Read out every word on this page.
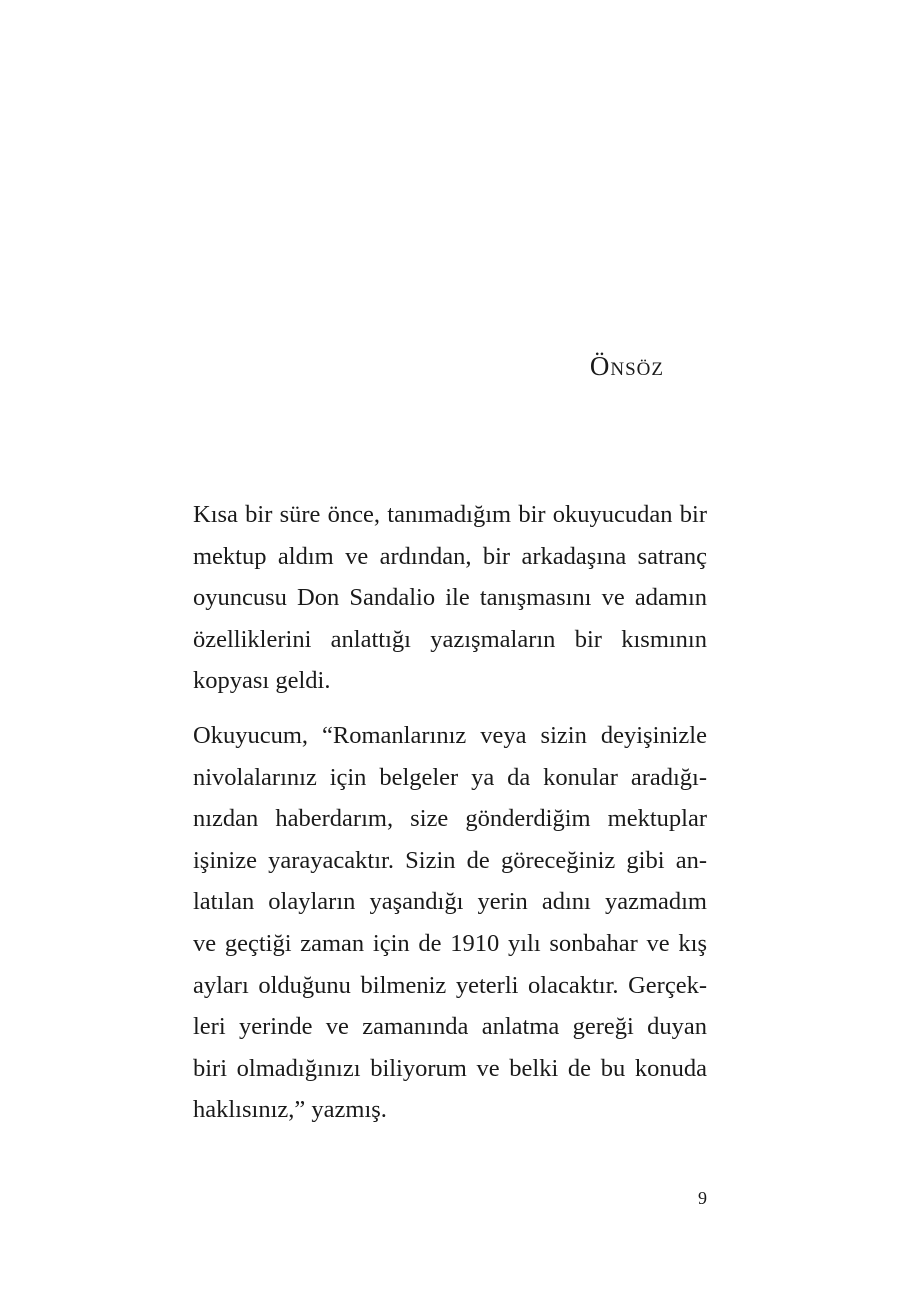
Önsöz

Kısa bir süre önce, tanımadığım bir okuyucudan bir
mektup aldım ve ardından, bir arkadaşına satranç
oyuncusu Don Sandalio ile tanışmasını ve adamın
özelliklerini anlattığı yazışmaların bir kısmının
kopyası geldi.

Okuyucum, “Romanlarınız veya sizin deyişinizle
nivolalarınız için belgeler ya da konular aradığı-
nızdan haberdarım, size gönderdiğim mektuplar
işinize yarayacaktır. Sizin de göreceğiniz gibi an-
latılan olayların yaşandığı yerin adını yazmadım
ve geçtiği zaman için de 1910 yılı sonbahar ve kış
ayları olduğunu bilmeniz yeterli olacaktır. Gerçek-
leri yerinde ve zamanında anlatma gereği duyan
biri olmadığınızı biliyorum ve belki de bu konuda
haklısınız,” yazmış.

9
